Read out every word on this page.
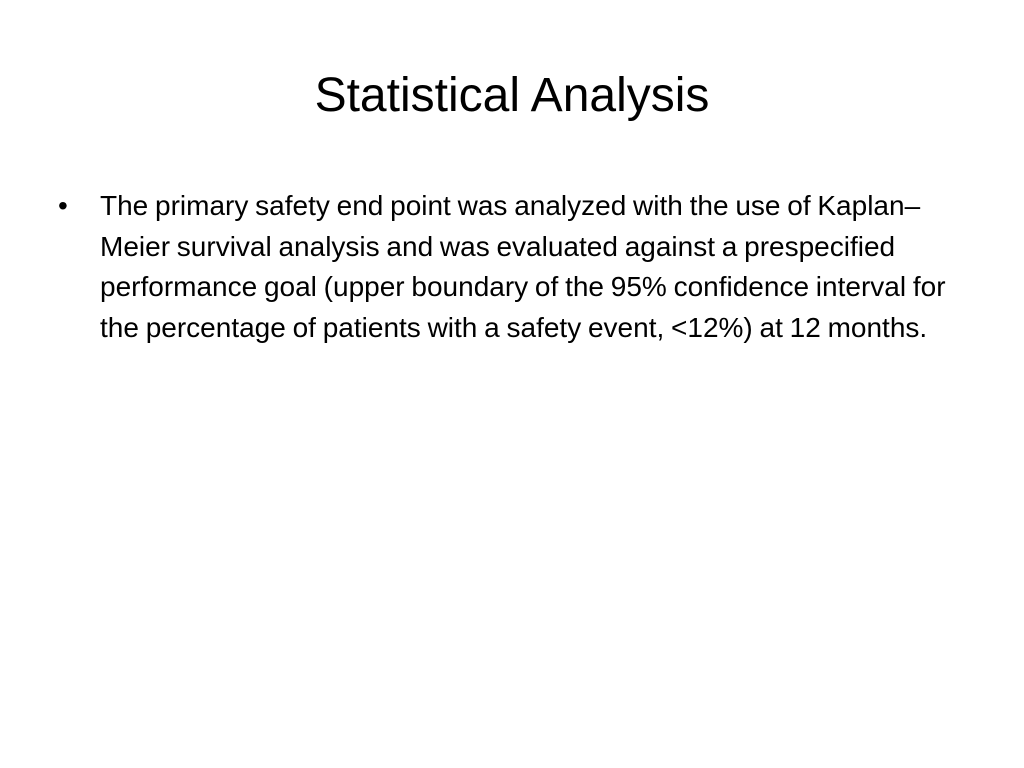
Statistical Analysis
•	The primary safety end point was analyzed with the use of Kaplan–Meier survival analysis and was evaluated against a prespecified performance goal (upper boundary of the 95% confidence interval for the percentage of patients with a safety event, <12%) at 12 months.
